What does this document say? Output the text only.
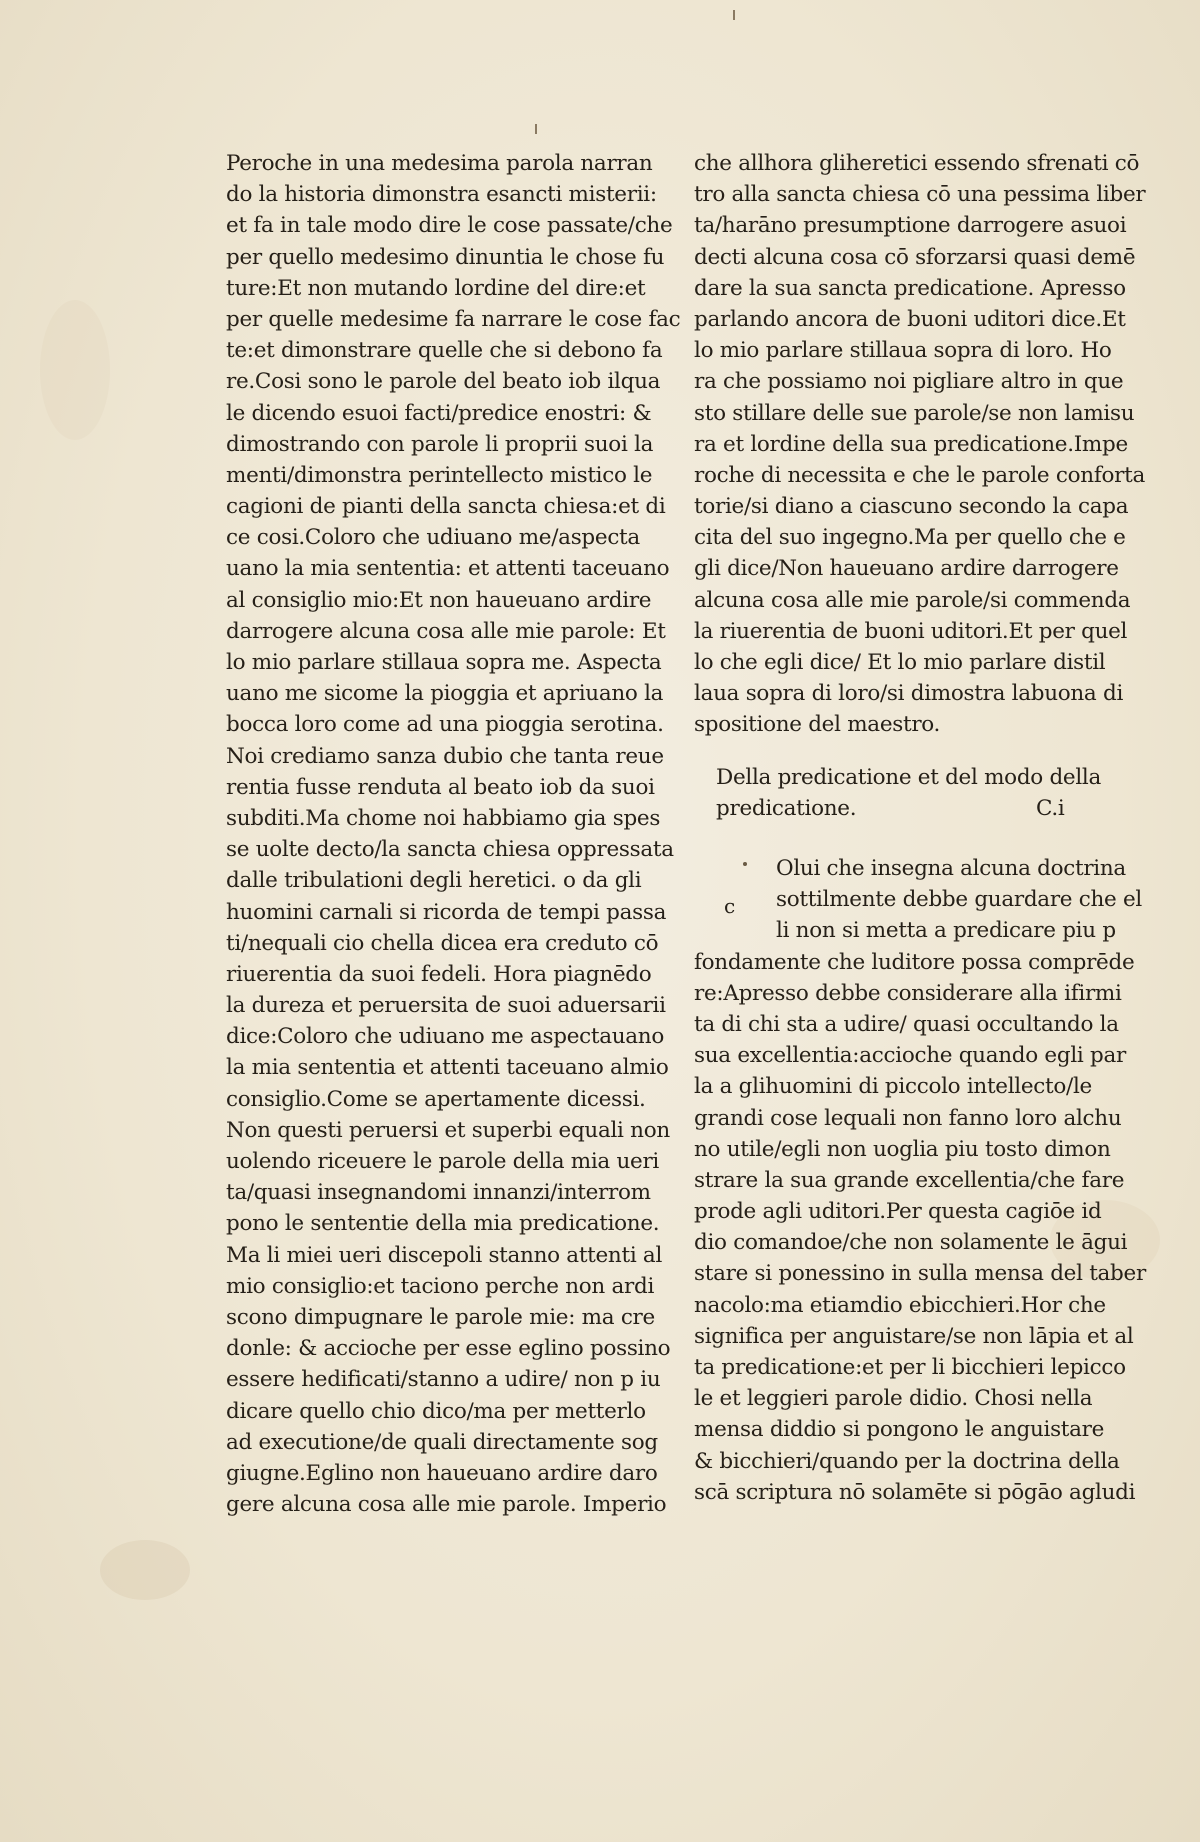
Peroche in una medesima parola narran
do la historia dimonstra esancti misterii:
et fa in tale modo dire le cose passate/che
per quello medesimo dinuntia le chose fu
ture:Et non mutando lordine del dire:et
per quelle medesime fa narrare le cose fac
te:et dimonstrare quelle che si debono fa
re.Cosi sono le parole del beato iob ilqua
le dicendo esuoi facti/predice enostri: &
dimostrando con parole li proprii suoi la
menti/dimonstra perintellecto mistico le
cagioni de pianti della sancta chiesa:et di
ce cosi.Coloro che udiuano me/aspecta
uano la mia sententia: et attenti taceuano
al consiglio mio:Et non haueuano ardire
darrogere alcuna cosa alle mie parole: Et
lo mio parlare stillaua sopra me. Aspecta
uano me sicome la pioggia et apriuano la
bocca loro come ad una pioggia serotina.
Noi crediamo sanza dubio che tanta reue
rentia fusse renduta al beato iob da suoi
subditi.Ma chome noi habbiamo gia spes
se uolte decto/la sancta chiesa oppressata
dalle tribulationi degli heretici. o da gli
huomini carnali si ricorda de tempi passa
ti/nequali cio chella dicea era creduto cō
riuerentia da suoi fedeli. Hora piagnēdo
la dureza et peruersita de suoi aduersarii
dice:Coloro che udiuano me aspectauano
la mia sententia et attenti taceuano almio
consiglio.Come se apertamente dicessi.
Non questi peruersi et superbi equali non
uolendo riceuere le parole della mia ueri
ta/quasi insegnandomi innanzi/interrom
pono le sententie della mia predicatione.
Ma li miei ueri discepoli stanno attenti al
mio consiglio:et taciono perche non ardi
scono dimpugnare le parole mie: ma cre
donle: & accioche per esse eglino possino
essere hedificati/stanno a udire/ non p iu
dicare quello chio dico/ma per metterlo
ad executione/de quali directamente sog
giugne.Eglino non haueuano ardire daro
gere alcuna cosa alle mie parole. Imperio
che allhora gliheretici essendo sfrenati cō
tro alla sancta chiesa cō una pessima liber
ta/harāno presumptione darrogere asuoi
decti alcuna cosa cō sforzarsi quasi demē
dare la sua sancta predicatione. Apresso
parlando ancora de buoni uditori dice.Et
lo mio parlare stillaua sopra di loro. Ho
ra che possiamo noi pigliare altro in que
sto stillare delle sue parole/se non lamisu
ra et lordine della sua predicatione.Impe
roche di necessita e che le parole conforta
torie/si diano a ciascuno secondo la capa
cita del suo ingegno.Ma per quello che e
gli dice/Non haueuano ardire darrogere
alcuna cosa alle mie parole/si commenda
la riuerentia de buoni uditori.Et per quel
lo che egli dice/ Et lo mio parlare distil
laua sopra di loro/si dimostra labuona di
spositione del maestro.
Della predicatione et del modo della
predicatione.	C.i
c
Olui che insegna alcuna doctrina
sottilmente debbe guardare che el
li non si metta a predicare piu p
fondamente che luditore possa comprēde
re:Apresso debbe considerare alla ifirmi
ta di chi sta a udire/ quasi occultando la
sua excellentia:accioche quando egli par
la a glihuomini di piccolo intellecto/le
grandi cose lequali non fanno loro alchu
no utile/egli non uoglia piu tosto dimon
strare la sua grande excellentia/che fare
prode agli uditori.Per questa cagiōe id
dio comandoe/che non solamente le āgui
stare si ponessino in sulla mensa del taber
nacolo:ma etiamdio ebicchieri.Hor che
significa per anguistare/se non lāpia et al
ta predicatione:et per li bicchieri lepicco
le et leggieri parole didio. Chosi nella
mensa diddio si pongono le anguistare
& bicchieri/quando per la doctrina della
scā scriptura nō solamēte si pōgāo agludi
